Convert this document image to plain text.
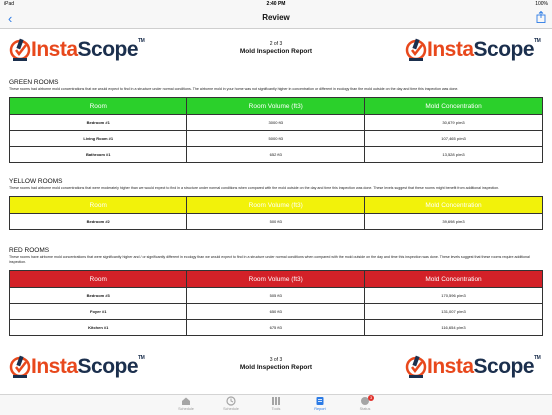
iPad	2:40 PM	100%
‹	Review
InstaScope™	2 of 3
Mold Inspection Report	InstaScope™
GREEN ROOMS

These rooms had airborne mold concentrations that we would expect to find in a structure under normal conditions. The airborne mold in your home was not significantly higher in concentration or different in ecology than the mold outside on the day and time this inspection was done.

Room	Room Volume (ft3)	Mold Concentration
Bedroom #1	3000 ft3	30,679 p/m3
Living Room #1	5000 ft3	107,465 p/m3
Bathroom #1	652 ft3	13,528 p/m3
YELLOW ROOMS

These rooms had airborne mold concentrations that were moderately higher than we would expect to find in a structure under normal conditions when compared with the mold outside on the day and time this inspection was done. These levels suggest that these rooms might benefit from additional inspection.

Room	Room Volume (ft3)	Mold Concentration
Bedroom #2	500 ft3	39,698 p/m3
RED ROOMS

These rooms have airborne mold concentrations that were significantly higher and / or significantly different in ecology than we would expect to find in a structure under normal conditions when compared with the mold outside on the day and time this inspection was done. These levels suggest that these rooms require additional inspection.

Room	Room Volume (ft3)	Mold Concentration
Bedroom #3	505 ft3	170,596 p/m3
Foyer #1	650 ft3	131,007 p/m3
Kitchen #1	675 ft3	116,654 p/m3
InstaScope™	3 of 3
Mold Inspection Report	InstaScope™
Schedule	Schedule	Tools	Report
3
Status
